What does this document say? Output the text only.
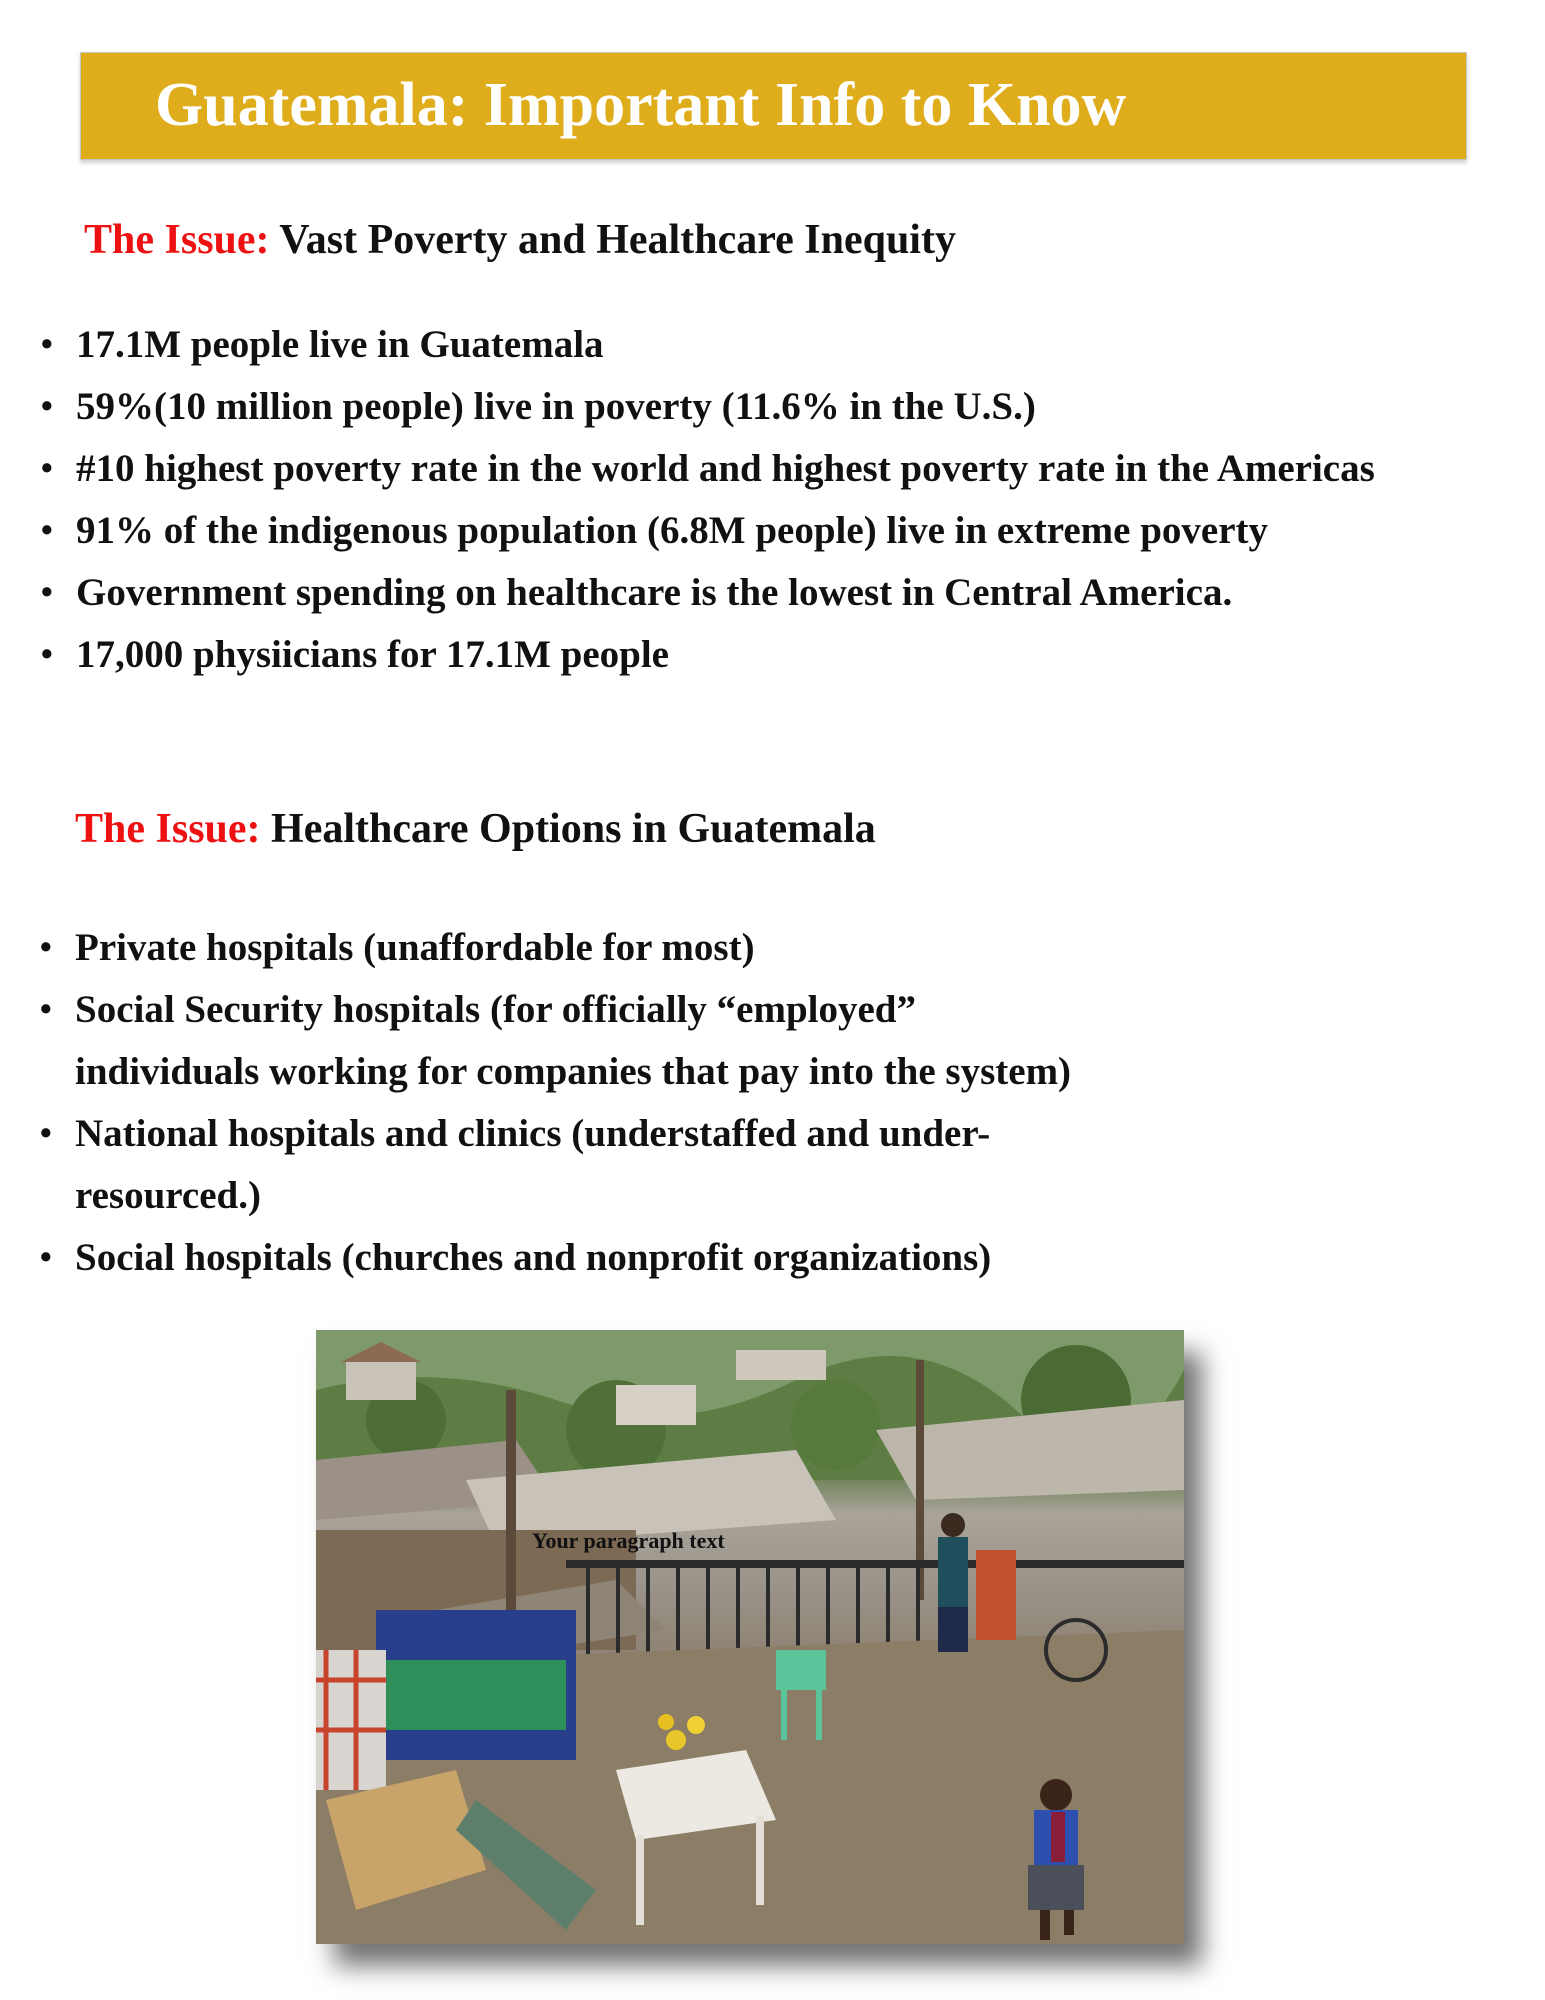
Guatemala: Important Info to Know
The Issue: Vast Poverty and Healthcare Inequity
• 17.1M people live in Guatemala
• 59%(10 million people) live in poverty (11.6% in the U.S.)
• #10 highest poverty rate in the world and highest poverty rate in the Americas
• 91% of the indigenous population (6.8M people) live in extreme poverty
• Government spending on healthcare is the lowest in Central America.
• 17,000 physiicians for 17.1M people
The Issue: Healthcare Options in Guatemala
• Private hospitals (unaffordable for most)
• Social Security hospitals (for officially “employed”
individuals working for companies that pay into the system)
• National hospitals and clinics (understaffed and under-
resourced.)
• Social hospitals (churches and nonprofit organizations)
Your paragraph text
